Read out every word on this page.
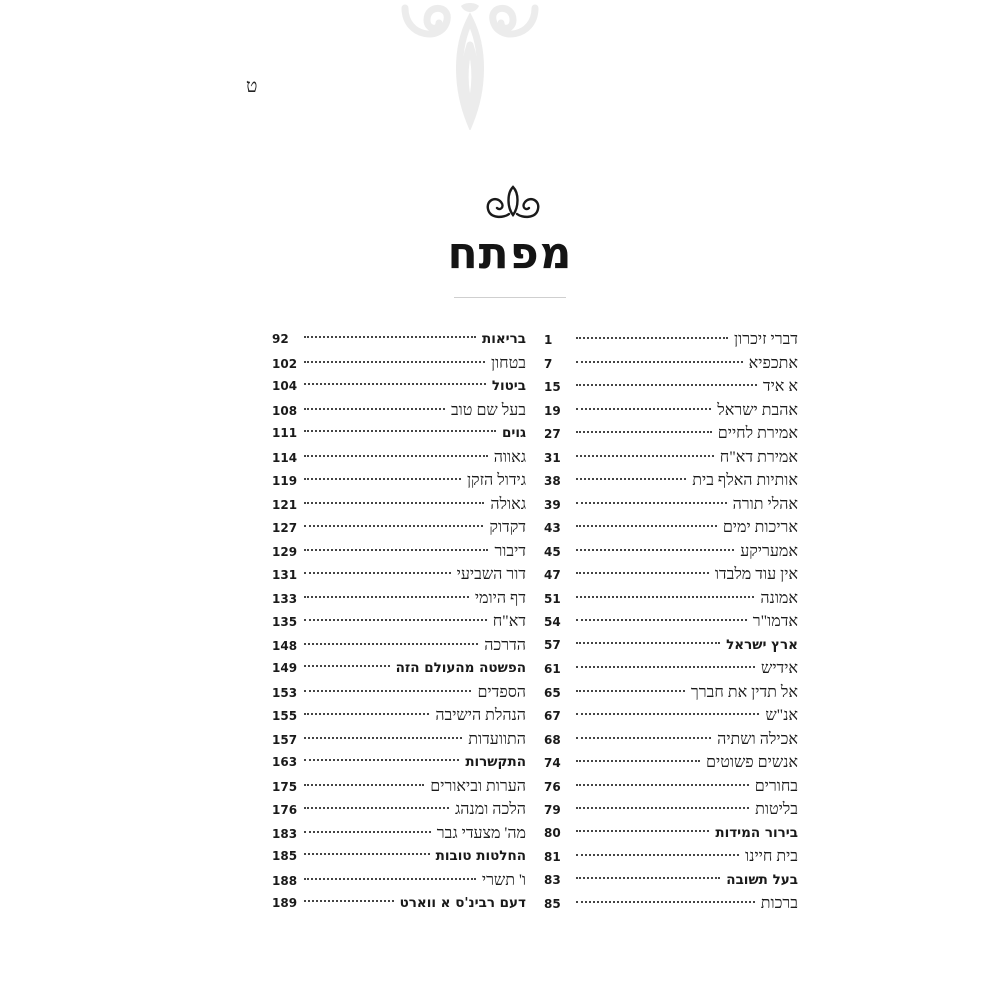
ט
מפתח
דברי זיכרון
1
אתכפיא
7
א איד
15
אהבת ישראל
19
אמירת לחיים
27
אמירת דא"ח
31
אותיות האלף בית
38
אהלי תורה
39
אריכות ימים
43
אמעריקע
45
אין עוד מלבדו
47
אמונה
51
אדמו"ר
54
ארץ ישראל
57
אידיש
61
אל תדין את חברך
65
אנ"ש
67
אכילה ושתיה
68
אנשים פשוטים
74
בחורים
76
בליטות
79
בירור המידות
80
בית חיינו
81
בעל תשובה
83
ברכות
85
בריאות
92
בטחון
102
ביטול
104
בעל שם טוב
108
גוים
111
גאווה
114
גידול הזקן
119
גאולה
121
דקדוק
127
דיבור
129
דור השביעי
131
דף היומי
133
דא"ח
135
הדרכה
148
הפשטה מהעולם הזה
149
הספדים
153
הנהלת הישיבה
155
התוועדות
157
התקשרות
163
הערות וביאורים
175
הלכה ומנהג
176
מה' מצעדי גבר
183
החלטות טובות
185
ו' תשרי
188
דעם רבינ'ס א ווארט
189
